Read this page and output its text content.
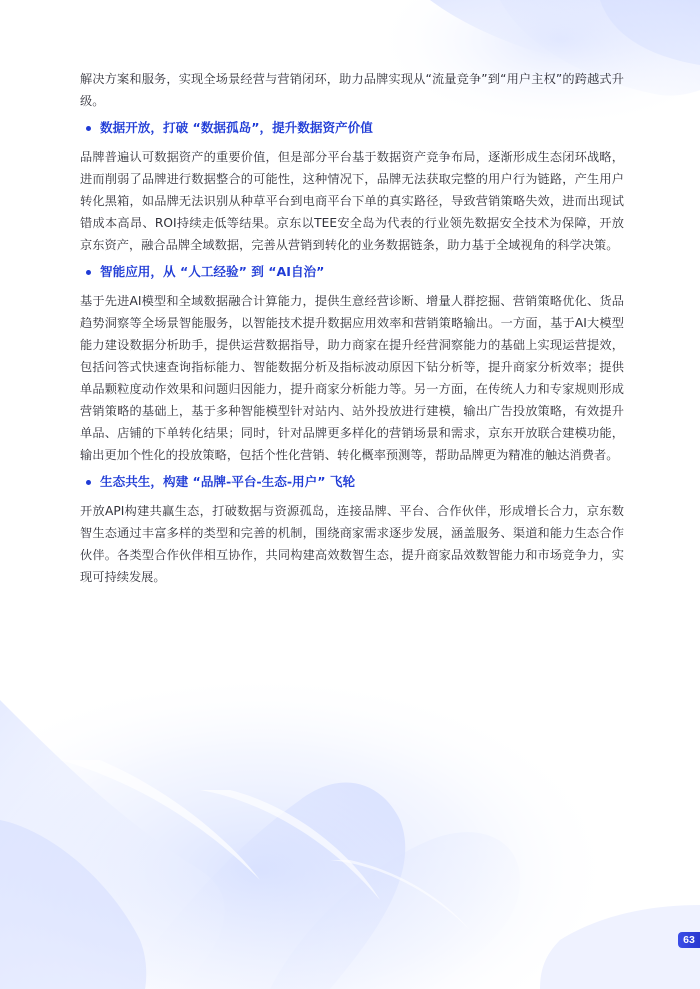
解决方案和服务，实现全场景经营与营销闭环，助力品牌实现从“流量竞争”到“用户主权”的跨越式升级。

数据开放，打破 “数据孤岛”，提升数据资产价值

品牌普遍认可数据资产的重要价值，但是部分平台基于数据资产竞争布局，逐渐形成生态闭环战略，进而削弱了品牌进行数据整合的可能性，这种情况下，品牌无法获取完整的用户行为链路，产生用户转化黑箱，如品牌无法识别从种草平台到电商平台下单的真实路径，导致营销策略失效，进而出现试错成本高昂、ROI持续走低等结果。京东以TEE安全岛为代表的行业领先数据安全技术为保障，开放京东资产，融合品牌全域数据，完善从营销到转化的业务数据链条，助力基于全域视角的科学决策。

智能应用，从 “人工经验” 到 “AI自治”

基于先进AI模型和全域数据融合计算能力，提供生意经营诊断、增量人群挖掘、营销策略优化、货品趋势洞察等全场景智能服务，以智能技术提升数据应用效率和营销策略输出。一方面，基于AI大模型能力建设数据分析助手，提供运营数据指导，助力商家在提升经营洞察能力的基础上实现运营提效，包括问答式快速查询指标能力、智能数据分析及指标波动原因下钻分析等，提升商家分析效率；提供单品颗粒度动作效果和问题归因能力，提升商家分析能力等。另一方面，在传统人力和专家规则形成营销策略的基础上，基于多种智能模型针对站内、站外投放进行建模，输出广告投放策略，有效提升单品、店铺的下单转化结果；同时，针对品牌更多样化的营销场景和需求，京东开放联合建模功能，输出更加个性化的投放策略，包括个性化营销、转化概率预测等，帮助品牌更为精准的触达消费者。

生态共生，构建 “品牌-平台-生态-用户” 飞轮

开放API构建共赢生态，打破数据与资源孤岛，连接品牌、平台、合作伙伴，形成增长合力，京东数智生态通过丰富多样的类型和完善的机制，围绕商家需求逐步发展，涵盖服务、渠道和能力生态合作伙伴。各类型合作伙伴相互协作，共同构建高效数智生态，提升商家品效数智能力和市场竞争力，实现可持续发展。

63
